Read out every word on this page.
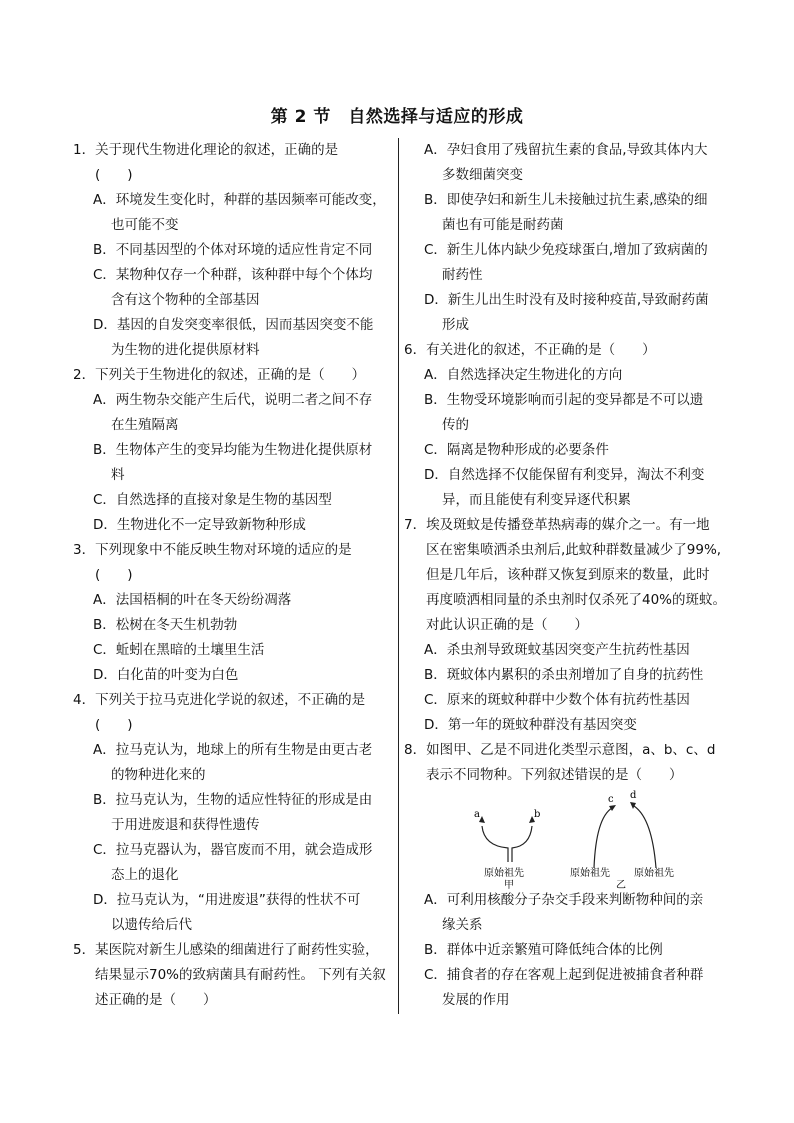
第 2 节　自然选择与适应的形成
1．关于现代生物进化理论的叙述，正确的是
(　　)
A．环境发生变化时，种群的基因频率可能改变，
也可能不变
B．不同基因型的个体对环境的适应性肯定不同
C．某物种仅存一个种群，该种群中每个个体均
含有这个物种的全部基因
D．基因的自发突变率很低，因而基因突变不能
为生物的进化提供原材料
2．下列关于生物进化的叙述，正确的是（　　）
A．两生物杂交能产生后代，说明二者之间不存
在生殖隔离
B．生物体产生的变异均能为生物进化提供原材
料
C．自然选择的直接对象是生物的基因型
D．生物进化不一定导致新物种形成
3．下列现象中不能反映生物对环境的适应的是
(　　)
A．法国梧桐的叶在冬天纷纷凋落
B．松树在冬天生机勃勃
C．蚯蚓在黑暗的土壤里生活
D．白化苗的叶变为白色
4．下列关于拉马克进化学说的叙述，不正确的是
(　　)
A．拉马克认为，地球上的所有生物是由更古老
的物种进化来的
B．拉马克认为，生物的适应性特征的形成是由
于用进废退和获得性遗传
C．拉马克器认为，器官废而不用，就会造成形
态上的退化
D．拉马克认为，“用进废退”获得的性状不可
以遗传给后代
5．某医院对新生儿感染的细菌进行了耐药性实验，
结果显示70%的致病菌具有耐药性。 下列有关叙
述正确的是（　　）
A．孕妇食用了残留抗生素的食品,导致其体内大
多数细菌突变
B．即使孕妇和新生儿未接触过抗生素,感染的细
菌也有可能是耐药菌
C．新生儿体内缺少免疫球蛋白,增加了致病菌的
耐药性
D．新生儿出生时没有及时接种疫苗,导致耐药菌
形成
6．有关进化的叙述，不正确的是（　　）
A．自然选择决定生物进化的方向
B．生物受环境影响而引起的变异都是不可以遗
传的
C．隔离是物种形成的必要条件
D．自然选择不仅能保留有利变异，淘汰不利变
异，而且能使有利变异逐代积累
7．埃及斑蚊是传播登革热病毒的媒介之一。有一地
区在密集喷洒杀虫剂后,此蚊种群数量减少了99%,
但是几年后，该种群又恢复到原来的数量，此时
再度喷洒相同量的杀虫剂时仅杀死了40%的斑蚊。
对此认识正确的是（　　）
A．杀虫剂导致斑蚊基因突变产生抗药性基因
B．斑蚊体内累积的杀虫剂增加了自身的抗药性
C．原来的斑蚊种群中少数个体有抗药性基因
D．第一年的斑蚊种群没有基因突变
8．如图甲、乙是不同进化类型示意图，a、b、c、d
表示不同物种。下列叙述错误的是（　　）
a	b
原始祖先
甲
c d
原始祖先 原始祖先
乙
A．可利用核酸分子杂交手段来判断物种间的亲
缘关系
B．群体中近亲繁殖可降低纯合体的比例
C．捕食者的存在客观上起到促进被捕食者种群
发展的作用
